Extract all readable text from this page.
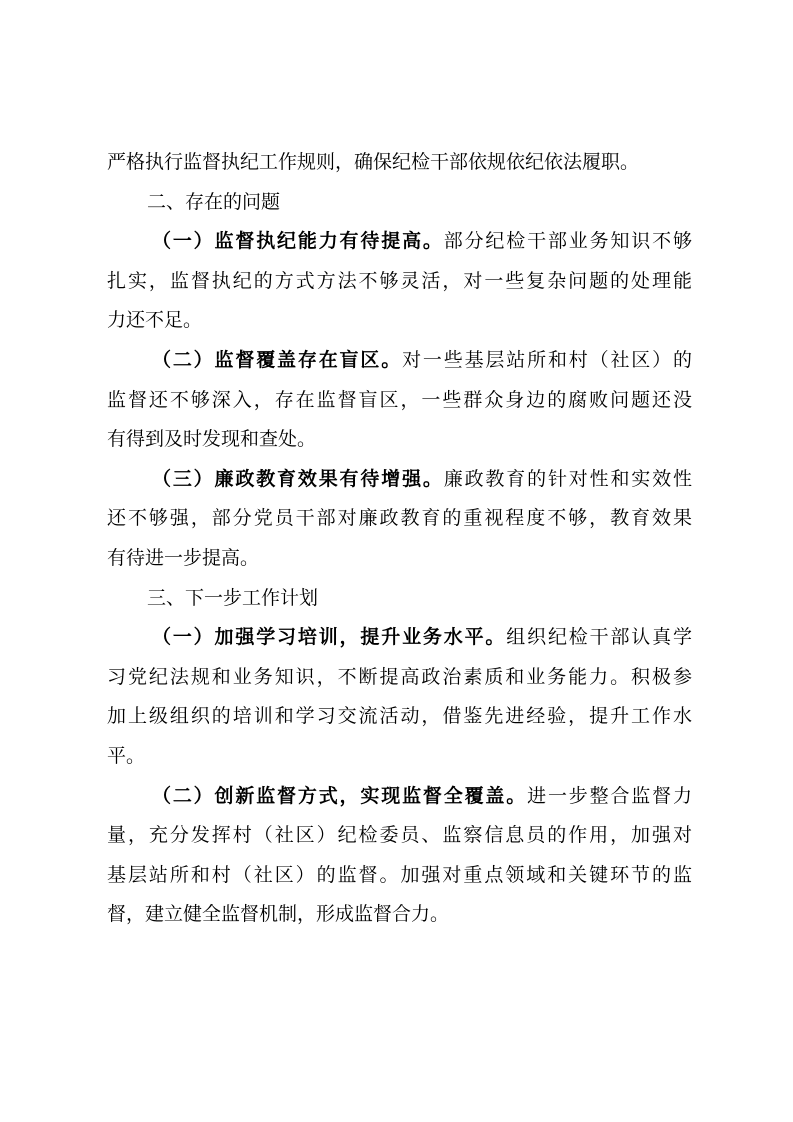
严格执行监督执纪工作规则，确保纪检干部依规依纪依法履职。
二、存在的问题
（一）监督执纪能力有待提高。部分纪检干部业务知识不够
扎实，监督执纪的方式方法不够灵活，对一些复杂问题的处理能
力还不足。
（二）监督覆盖存在盲区。对一些基层站所和村（社区）的
监督还不够深入，存在监督盲区，一些群众身边的腐败问题还没
有得到及时发现和查处。
（三）廉政教育效果有待增强。廉政教育的针对性和实效性
还不够强，部分党员干部对廉政教育的重视程度不够，教育效果
有待进一步提高。
三、下一步工作计划
（一）加强学习培训，提升业务水平。组织纪检干部认真学
习党纪法规和业务知识，不断提高政治素质和业务能力。积极参
加上级组织的培训和学习交流活动，借鉴先进经验，提升工作水
平。
（二）创新监督方式，实现监督全覆盖。进一步整合监督力
量，充分发挥村（社区）纪检委员、监察信息员的作用，加强对
基层站所和村（社区）的监督。加强对重点领域和关键环节的监
督，建立健全监督机制，形成监督合力。
